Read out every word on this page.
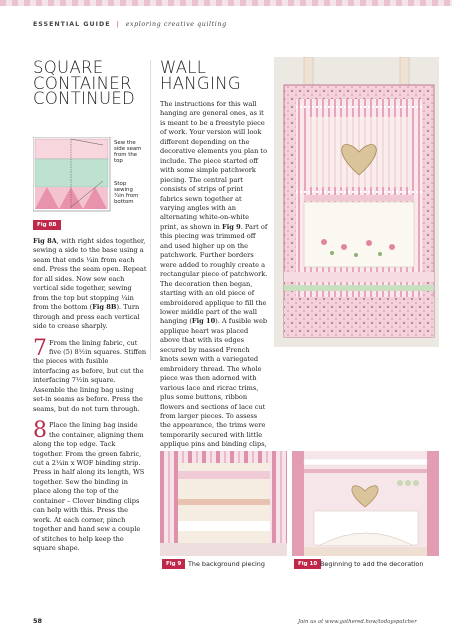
ESSENTIAL GUIDE | exploring creative quilting
SQUARE
CONTAINER
CONTINUED
Sew the
side seam
from the
top
Stop
sewing
¼in from
bottom
Fig 8B

Fig 8A, with right sides together, sewing a side to the base using a seam that ends ¼in from each end. Press the seam open. Repeat for all sides. Now sew each vertical side together, sewing from the top but stopping ¼in from the bottom (Fig 8B). Turn through and press each vertical side to crease sharply.

7 From the lining fabric, cut five (5) 8½in squares. Stiffen the pieces with fusible interfacing as before, but cut the interfacing 7½in square. Assemble the lining bag using set-in seams as before. Press the seams, but do not turn through.

8 Place the lining bag inside the container, aligning them along the top edge. Tack together. From the green fabric, cut a 2¼in x WOF binding strip. Press in half along its length, WS together. Sew the binding in place along the top of the container – Clover binding clips can help with this. Press the work. At each corner, pinch together and hand sew a couple of stitches to help keep the square shape.

WALL
HANGING

The instructions for this wall hanging are general ones, as it is meant to be a freestyle piece of work. Your version will look different depending on the decorative elements you plan to include. The piece started off with some simple patchwork piecing. The central part consists of strips of print fabrics sewn together at varying angles with an alternating white-on-white print, as shown in Fig 9. Part of this piecing was trimmed off and used higher up on the patchwork. Further borders were added to roughly create a rectangular piece of patchwork. The decoration then began, starting with an old piece of embroidered applique to fill the lower middle part of the wall hanging (Fig 10). A fusible web applique heart was placed above that with its edges secured by massed French knots sewn with a variegated embroidery thread. The whole piece was then adorned with various lace and ricrac trims, plus some buttons, ribbon flowers and sections of lace cut from larger pieces. To assess the appearance, the trims were temporarily secured with little applique pins and binding clips,

Fig 9	The background piecing	Fig 10 Beginning to add the decoration
58	Join us at www.gathered.how/todayspatcher
